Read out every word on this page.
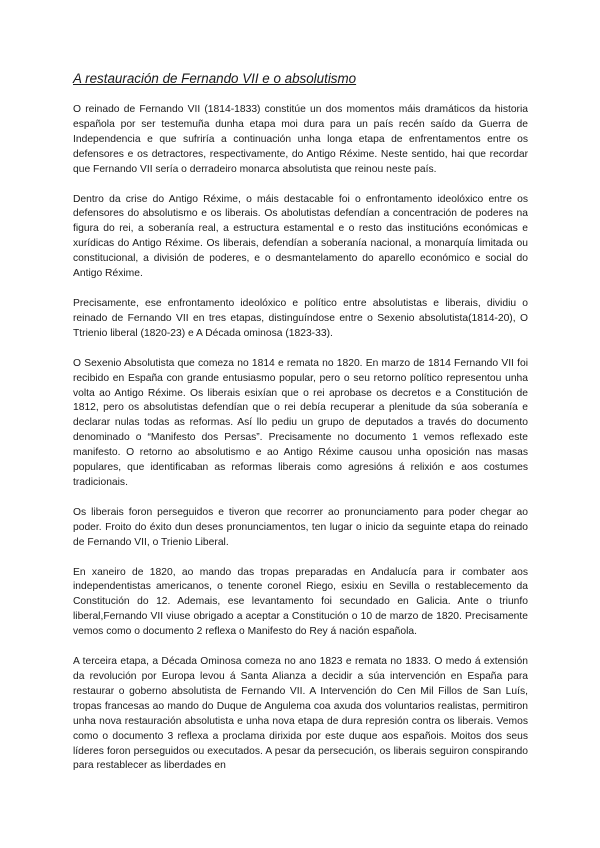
A restauración de Fernando VII e o absolutismo

O reinado de Fernando VII (1814-1833) constitúe un dos momentos máis dramáticos da historia española por ser testemuña dunha etapa moi dura para un país recén saído da Guerra de Independencia e que sufriría a continuación unha longa etapa de enfrentamentos entre os defensores e os detractores, respectivamente, do Antigo Réxime. Neste sentido, hai que recordar que Fernando VII sería o derradeiro monarca absolutista que reinou neste país.

Dentro da crise do Antigo Réxime, o máis destacable foi o enfrontamento ideolóxico entre os defensores do absolutismo e os liberais. Os abolutistas defendían a concentración de poderes na figura do rei, a soberanía real, a estructura estamental e o resto das institucións económicas e xurídicas do Antigo Réxime. Os liberais, defendían a soberanía nacional, a monarquía limitada ou constitucional, a división de poderes, e o desmantelamento do aparello económico e social do Antigo Réxime.

Precisamente, ese enfrontamento ideolóxico e político entre absolutistas e liberais, dividiu o reinado de Fernando VII en tres etapas, distinguíndose entre o Sexenio absolutista(1814-20), O Ttrienio liberal (1820-23) e A Década ominosa (1823-33).

O Sexenio Absolutista que comeza no 1814 e remata no 1820. En marzo de 1814 Fernando VII foi recibido en España con grande entusiasmo popular, pero o seu retorno político representou unha volta ao Antigo Réxime. Os liberais esixían que o rei aprobase os decretos e a Constitución de 1812, pero os absolutistas defendían que o rei debía recuperar a plenitude da súa soberanía e declarar nulas todas as reformas. Así llo pediu un grupo de deputados a través do documento denominado o “Manifesto dos Persas”. Precisamente no documento 1 vemos reflexado este manifesto. O retorno ao absolutismo e ao Antigo Réxime causou unha oposición nas masas populares, que identificaban as reformas liberais como agresións á relixión e aos costumes tradicionais.

Os liberais foron perseguidos e tiveron que recorrer ao pronunciamento para poder chegar ao poder. Froito do éxito dun deses pronunciamentos, ten lugar o inicio da seguinte etapa do reinado de Fernando VII, o Trienio Liberal.

En xaneiro de 1820, ao mando das tropas preparadas en Andalucía para ir combater aos independentistas americanos, o tenente coronel Riego, esixiu en Sevilla o restablecemento da Constitución do 12. Ademais, ese levantamento foi secundado en Galicia. Ante o triunfo liberal,Fernando VII viuse obrigado a aceptar a Constitución o 10 de marzo de 1820. Precisamente vemos como o documento 2 reflexa o Manifesto do Rey á nación española.

A terceira etapa, a Década Ominosa comeza no ano 1823 e remata no 1833. O medo á extensión da revolución por Europa levou á Santa Alianza a decidir a súa intervención en España para restaurar o goberno absolutista de Fernando VII. A Intervención do Cen Mil Fillos de San Luís, tropas francesas ao mando do Duque de Angulema coa axuda dos voluntarios realistas, permitiron unha nova restauración absolutista e unha nova etapa de dura represión contra os liberais. Vemos como o documento 3 reflexa a proclama dirixida por este duque aos españois. Moitos dos seus líderes foron perseguidos ou executados. A pesar da persecución, os liberais seguiron conspirando para restablecer as liberdades en
